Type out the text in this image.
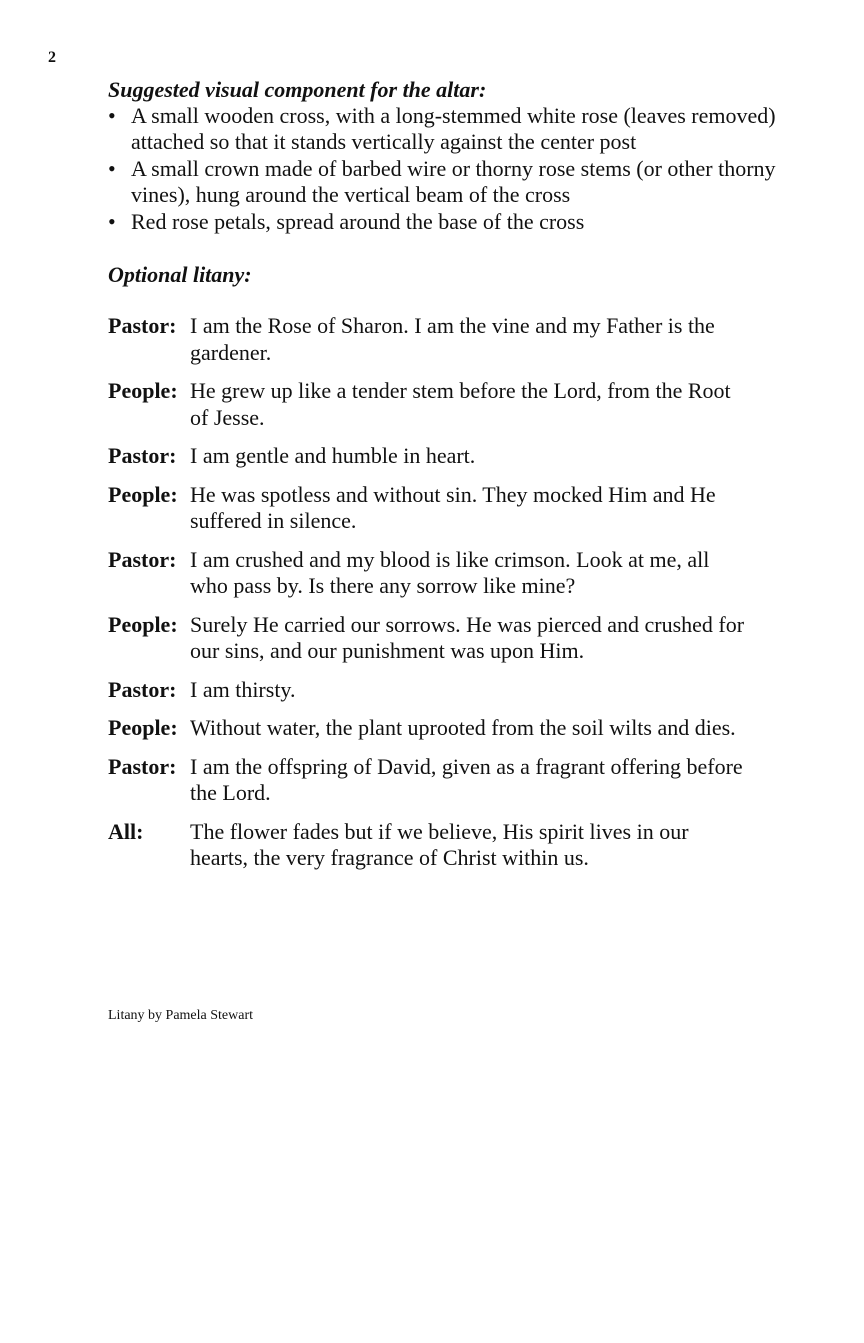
2

Suggested visual component for the altar:

• A small wooden cross, with a long-stemmed white rose (leaves removed) attached so that it stands vertically against the center post
• A small crown made of barbed wire or thorny rose stems (or other thorny vines), hung around the vertical beam of the cross
• Red rose petals, spread around the base of the cross

Optional litany:

Pastor: I am the Rose of Sharon. I am the vine and my Father is the gardener.
People: He grew up like a tender stem before the Lord, from the Root of Jesse.
Pastor: I am gentle and humble in heart.
People: He was spotless and without sin. They mocked Him and He suffered in silence.
Pastor: I am crushed and my blood is like crimson. Look at me, all who pass by. Is there any sorrow like mine?
People: Surely He carried our sorrows. He was pierced and crushed for our sins, and our punishment was upon Him.
Pastor: I am thirsty.
People: Without water, the plant uprooted from the soil wilts and dies.
Pastor: I am the offspring of David, given as a fragrant offering before the Lord.
All:	The flower fades but if we believe, His spirit lives in our hearts, the very fragrance of Christ within us.
Litany by Pamela Stewart
